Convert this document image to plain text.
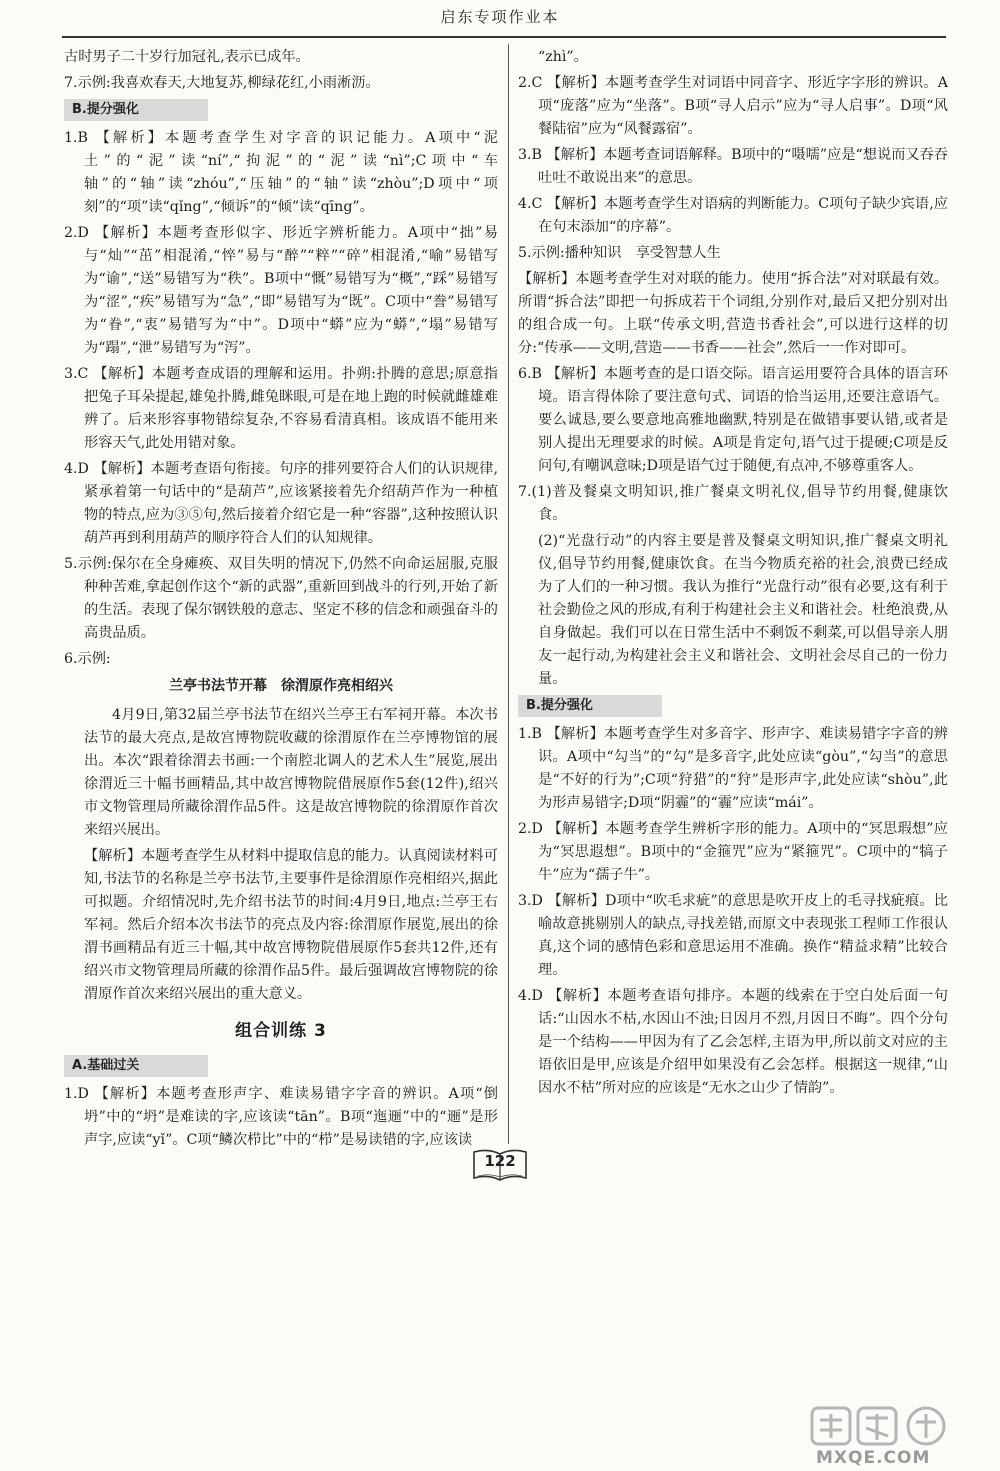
启东专项作业本

古时男子二十岁行加冠礼,表示已成年。

7.示例:我喜欢春天,大地复苏,柳绿花红,小雨淅沥。

B.提分强化

1.B 【解析】本题考查学生对字音的识记能力。A项中“泥土”的“泥”读“ní”,“拘泥”的“泥”读“nì”;C项中“车轴”的“轴”读“zhóu”,“压轴”的“轴”读“zhòu”;D项中“项刻”的“项”读“qǐng”,“倾诉”的“倾”读“qīng”。

2.D 【解析】本题考查形似字、形近字辨析能力。A项中“拙”易与“灿”“茁”相混淆,“悴”易与“醉”“粹”“碎”相混淆,“喻”易错写为“谕”,“送”易错写为“秩”。B项中“慨”易错写为“概”,“踩”易错写为“涩”,“疾”易错写为“急”,“即”易错写为“既”。C项中“誊”易错写为“眷”,“衷”易错写为“中”。D项中“蟒”应为“蟒”,“塌”易错写为“蹋”,“泄”易错写为“泻”。

3.C 【解析】本题考查成语的理解和运用。扑朔:扑腾的意思;原意指把兔子耳朵提起,雄兔扑腾,雌兔眯眼,可是在地上跑的时候就雌雄难辨了。后来形容事物错综复杂,不容易看清真相。该成语不能用来形容天气,此处用错对象。

4.D 【解析】本题考查语句衔接。句序的排列要符合人们的认识规律,紧承着第一句话中的“是葫芦”,应该紧接着先介绍葫芦作为一种植物的特点,应为③⑤句,然后接着介绍它是一种“容器”,这种按照认识葫芦再到利用葫芦的顺序符合人们的认知规律。

5.示例:保尔在全身瘫痪、双目失明的情况下,仍然不向命运屈服,克服种种苦难,拿起创作这个“新的武器”,重新回到战斗的行列,开始了新的生活。表现了保尔钢铁般的意志、坚定不移的信念和顽强奋斗的高贵品质。

6.示例:

兰亭书法节开幕　徐渭原作亮相绍兴

4月9日,第32届兰亭书法节在绍兴兰亭王右军祠开幕。本次书法节的最大亮点,是故宫博物院收藏的徐渭原作在兰亭博物馆的展出。本次“跟着徐渭去书画:一个南腔北调人的艺术人生”展览,展出徐渭近三十幅书画精品,其中故宫博物院借展原作5套(12件),绍兴市文物管理局所藏徐渭作品5件。这是故宫博物院的徐渭原作首次来绍兴展出。

【解析】本题考查学生从材料中提取信息的能力。认真阅读材料可知,书法节的名称是兰亭书法节,主要事件是徐渭原作亮相绍兴,据此可拟题。介绍情况时,先介绍书法节的时间:4月9日,地点:兰亭王右军祠。然后介绍本次书法节的亮点及内容:徐渭原作展览,展出的徐渭书画精品有近三十幅,其中故宫博物院借展原作5套共12件,还有绍兴市文物管理局所藏的徐渭作品5件。最后强调故宫博物院的徐渭原作首次来绍兴展出的重大意义。

组合训练 3
A.基础过关

1.D 【解析】本题考查形声字、难读易错字字音的辨识。A项“倒坍”中的“坍”是难读的字,应该读“tān”。B项“迤逦”中的“逦”是形声字,应读“yǐ”。C项“鳞次栉比”中的“栉”是易读错的字,应该读

“zhì”。

2.C 【解析】本题考查学生对词语中同音字、形近字字形的辨识。A项“庞落”应为“坐落”。B项“寻人启示”应为“寻人启事”。D项“风餐陆宿”应为“风餐露宿”。

3.B 【解析】本题考查词语解释。B项中的“嗫嚅”应是“想说而又吞吞吐吐不敢说出来”的意思。

4.C 【解析】本题考查学生对语病的判断能力。C项句子缺少宾语,应在句末添加“的序幕”。

5.示例:播种知识　享受智慧人生

【解析】本题考查学生对对联的能力。使用“拆合法”对对联最有效。所谓“拆合法”即把一句拆成若干个词组,分别作对,最后又把分别对出的组合成一句。上联“传承文明,营造书香社会”,可以进行这样的切分:“传承——文明,营造——书香——社会”,然后一一作对即可。

6.B 【解析】本题考查的是口语交际。语言运用要符合具体的语言环境。语言得体除了要注意句式、词语的恰当运用,还要注意语气。要么诚恳,要么要意地高雅地幽默,特别是在做错事要认错,或者是别人提出无理要求的时候。A项是肯定句,语气过于提硬;C项是反问句,有嘲讽意味;D项是语气过于随便,有点冲,不够尊重客人。

7.(1)普及餐桌文明知识,推广餐桌文明礼仪,倡导节约用餐,健康饮食。

(2)“光盘行动”的内容主要是普及餐桌文明知识,推广餐桌文明礼仪,倡导节约用餐,健康饮食。在当今物质充裕的社会,浪费已经成为了人们的一种习惯。我认为推行“光盘行动”很有必要,这有利于社会勤俭之风的形成,有利于构建社会主义和谐社会。杜绝浪费,从自身做起。我们可以在日常生活中不剩饭不剩菜,可以倡导亲人朋友一起行动,为构建社会主义和谐社会、文明社会尽自己的一份力量。

B.提分强化

1.B 【解析】本题考查学生对多音字、形声字、难读易错字字音的辨识。A项中“勾当”的“勾”是多音字,此处应读“gòu”,“勾当”的意思是“不好的行为”;C项“狩猎”的“狩”是形声字,此处应读“shòu”,此为形声易错字;D项“阴霾”的“霾”应读“mái”。

2.D 【解析】本题考查学生辨析字形的能力。A项中的“冥思瑕想”应为“冥思遐想”。B项中的“金箍咒”应为“紧箍咒”。C项中的“犒子牛”应为“孺子牛”。

3.D 【解析】D项中“吹毛求疵”的意思是吹开皮上的毛寻找疵痕。比喻故意挑剔别人的缺点,寻找差错,而原文中表现张工程师工作很认真,这个词的感情色彩和意思运用不准确。换作“精益求精”比较合理。

4.D 【解析】本题考查语句排序。本题的线索在于空白处后面一句话:“山因水不枯,水因山不浊;日因月不烈,月因日不晦”。四个分句是一个结构——甲因为有了乙会怎样,主语为甲,所以前文对应的主语依旧是甲,应该是介绍甲如果没有乙会怎样。根据这一规律,“山因水不枯”所对应的应该是“无水之山少了情韵”。

122
MXQE.COM
